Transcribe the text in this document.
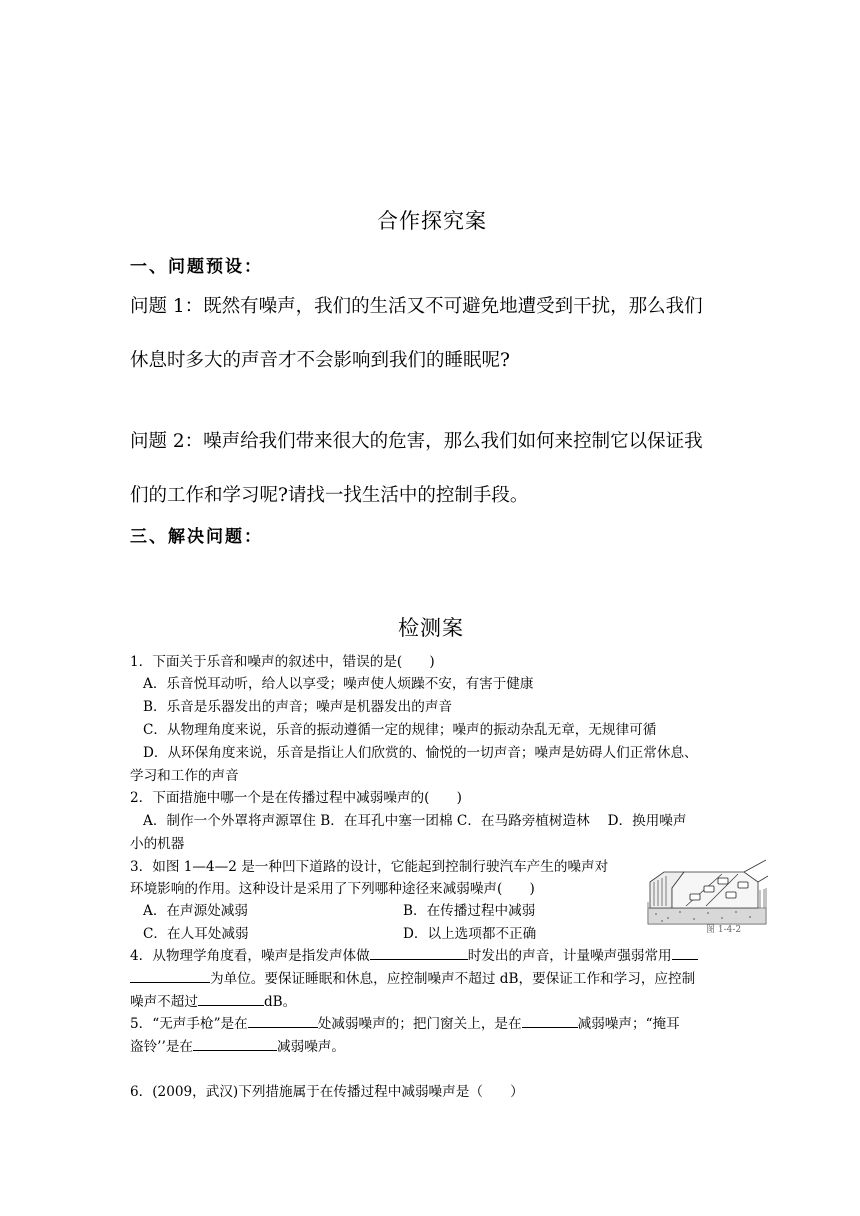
合作探究案
一、问题预设：
问题 1：既然有噪声，我们的生活又不可避免地遭受到干扰，那么我们
休息时多大的声音才不会影响到我们的睡眠呢?
问题 2：噪声给我们带来很大的危害，那么我们如何来控制它以保证我
们的工作和学习呢?请找一找生活中的控制手段。
三、解决问题：
检测案
1．下面关于乐音和噪声的叙述中，错误的是(　　)
A．乐音悦耳动听，给人以享受；噪声使人烦躁不安，有害于健康
B．乐音是乐器发出的声音；噪声是机器发出的声音
C．从物理角度来说，乐音的振动遵循一定的规律；噪声的振动杂乱无章，无规律可循
D．从环保角度来说，乐音是指让人们欣赏的、愉悦的一切声音；噪声是妨碍人们正常休息、
学习和工作的声音
2．下面措施中哪一个是在传播过程中减弱噪声的(　　)
A．制作一个外罩将声源罩住 B．在耳孔中塞一团棉 C．在马路旁植树造林　 D．换用噪声
小的机器
3．如图 1—4—2 是一种凹下道路的设计，它能起到控制行驶汽车产生的噪声对
环境影响的作用。这种设计是采用了下列哪种途径来减弱噪声(　　)
A．在声源处减弱	B．在传播过程中减弱
C．在人耳处减弱	D．以上选项都不正确	图 1-4-2
4．从物理学角度看，噪声是指发声体做	时发出的声音，计量噪声强弱常用
为单位。要保证睡眠和休息，应控制噪声不超过 dB，要保证工作和学习，应控制
噪声不超过	dB。
5．“无声手枪”是在	处减弱噪声的；把门窗关上，是在	减弱噪声；“掩耳
盗铃’’是在	减弱噪声。
6．(2009，武汉)下列措施属于在传播过程中减弱噪声是（　　）
